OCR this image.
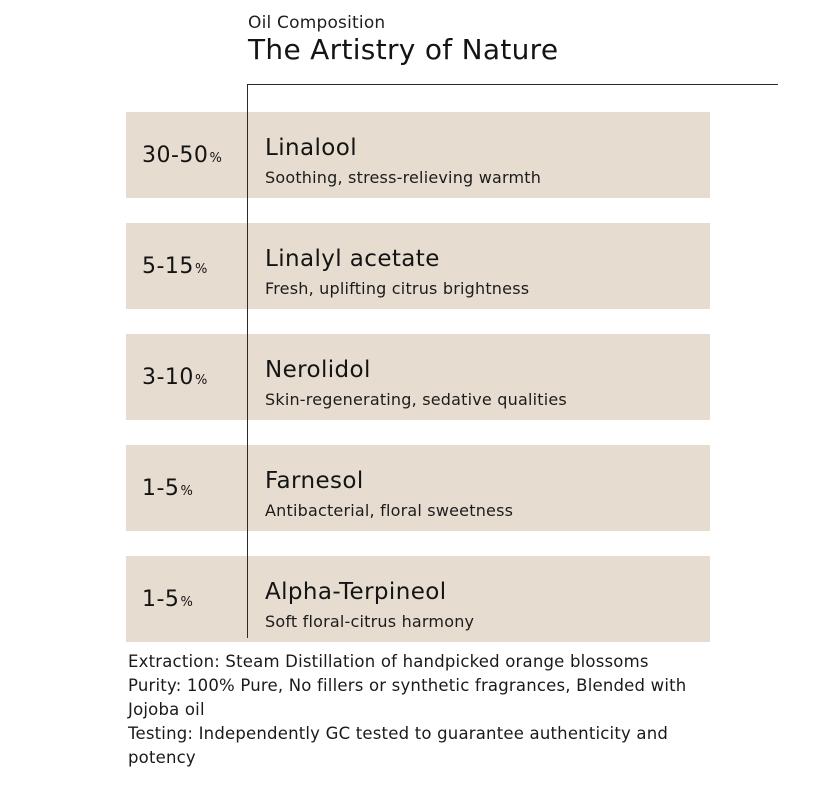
Oil Composition
The Artistry of Nature
30-50 % Linalool
Soothing, stress-relieving warmth
5-15 % Linalyl acetate
Fresh, uplifting citrus brightness
3-10 % Nerolidol
Skin-regenerating, sedative qualities
1-5 %	Farnesol
Antibacterial, floral sweetness
1-5 %	Alpha-Terpineol
Soft floral-citrus harmony

Extraction: Steam Distillation of handpicked orange blossoms

Purity: 100% Pure, No fillers or synthetic fragrances, Blended with Jojoba oil

Testing: Independently GC tested to guarantee authenticity and potency
